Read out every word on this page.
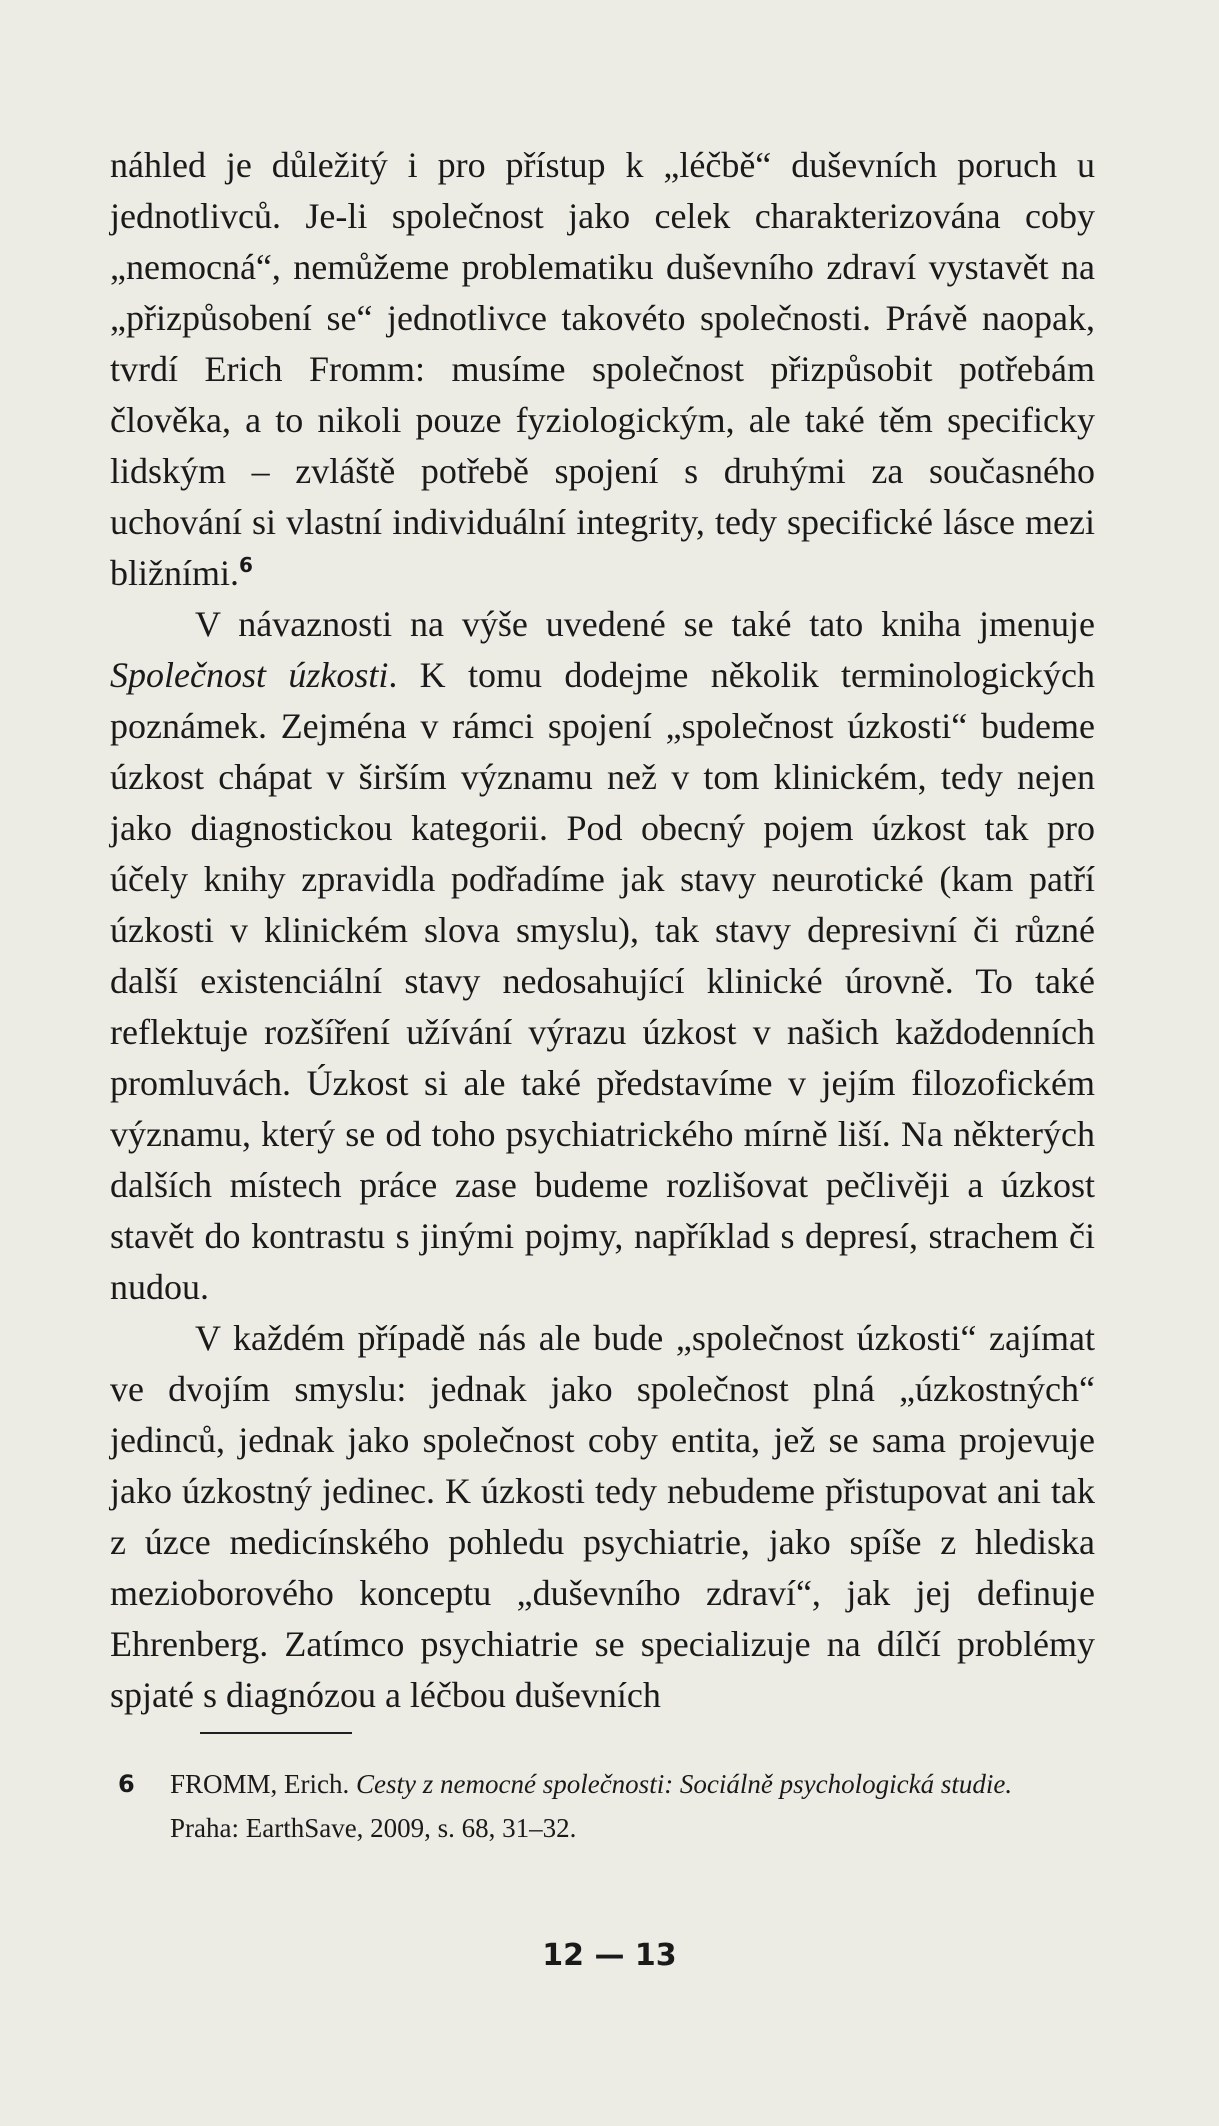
náhled je důležitý i pro přístup k „léčbě“ duševních poruch u jednotlivců. Je-li společnost jako celek charakterizována coby „nemocná“, nemůžeme problematiku duševního zdraví vystavět na „přizpůsobení se“ jednotlivce takovéto společnosti. Právě naopak, tvrdí Erich Fromm: musíme společnost přizpůsobit potřebám člověka, a to nikoli pouze fyziologickým, ale také těm specificky lidským – zvláště potřebě spojení s druhými za současného uchování si vlastní individuální integrity, tedy specifické lásce mezi bližními.$^6$

V návaznosti na výše uvedené se také tato kniha jmenuje Společnost úzkosti. K tomu dodejme několik terminologických poznámek. Zejména v rámci spojení „společnost úzkosti“ budeme úzkost chápat v širším významu než v tom klinickém, tedy nejen jako diagnostickou kategorii. Pod obecný pojem úzkost tak pro účely knihy zpravidla podřadíme jak stavy neurotické (kam patří úzkosti v klinickém slova smyslu), tak stavy depresivní či různé další existenciální stavy nedosahující klinické úrovně. To také reflektuje rozšíření užívání výrazu úzkost v našich každodenních promluvách. Úzkost si ale také představíme v jejím filozofickém významu, který se od toho psychiatrického mírně liší. Na některých dalších místech práce zase budeme rozlišovat pečlivěji a úzkost stavět do kontrastu s jinými pojmy, například s depresí, strachem či nudou.

V každém případě nás ale bude „společnost úzkosti“ zajímat ve dvojím smyslu: jednak jako společnost plná „úzkostných“ jedinců, jednak jako společnost coby entita, jež se sama projevuje jako úzkostný jedinec. K úzkosti tedy nebudeme přistupovat ani tak z úzce medicínského pohledu psychiatrie, jako spíše z hlediska mezioborového konceptu „duševního zdraví“, jak jej definuje Ehrenberg. Zatímco psychiatrie se specializuje na dílčí problémy spjaté s diagnózou a léčbou duševních

6 FROMM, Erich. Cesty z nemocné společnosti: Sociálně psychologická studie.
Praha: EarthSave, 2009, s. 68, 31–32.
12 — 13
